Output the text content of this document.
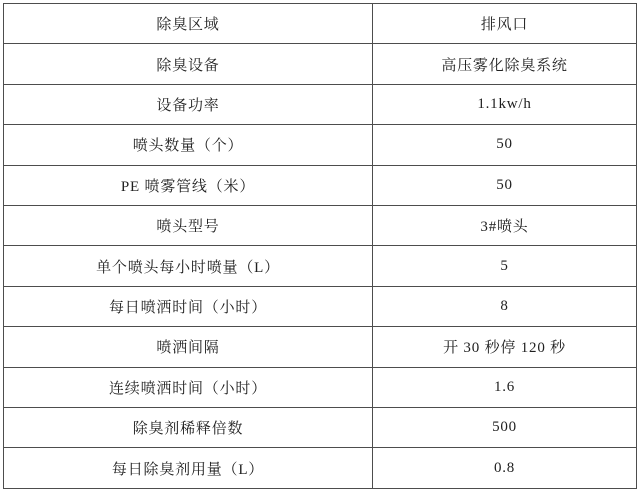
除臭区域	排风口
除臭设备	高压雾化除臭系统
设备功率	1.1kw/h
喷头数量（个）	50
PE 喷雾管线（米）	50
喷头型号	3#喷头
单个喷头每小时喷量（L）	5
每日喷洒时间（小时）	8
喷洒间隔	开 30 秒停 120 秒
连续喷洒时间（小时）	1.6
除臭剂稀释倍数	500
每日除臭剂用量（L）	0.8
